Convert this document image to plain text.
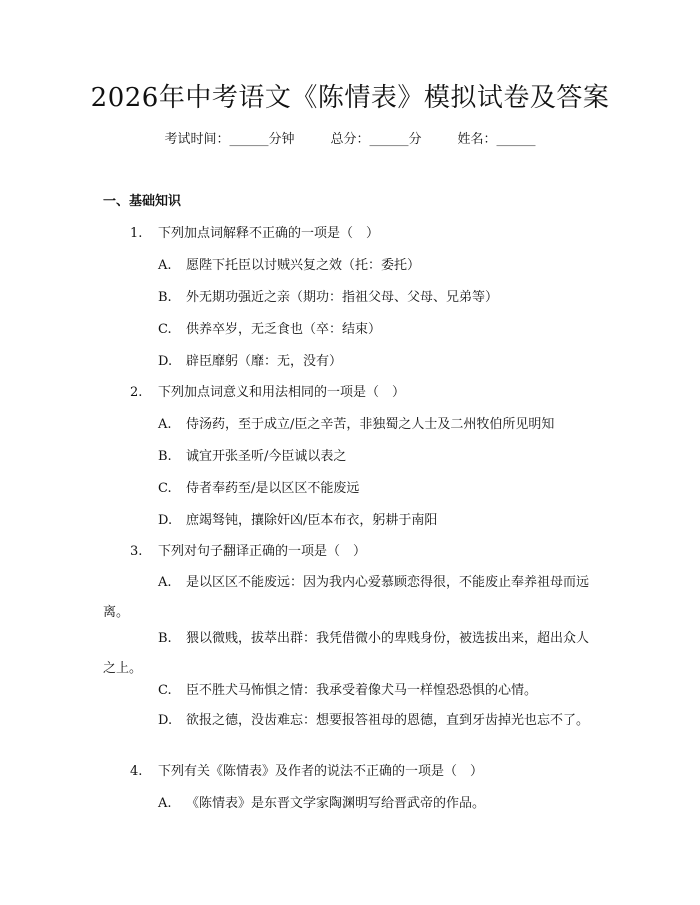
2026年中考语文《陈情表》模拟试卷及答案
考试时间：______分钟	总分：______分	姓名：______
一、基础知识
1. 下列加点词解释不正确的一项是（　）
A. 愿陛下托臣以讨贼兴复之效（托：委托）
B. 外无期功强近之亲（期功：指祖父母、父母、兄弟等）
C. 供养卒岁，无乏食也（卒：结束）
D. 辟臣靡躬（靡：无，没有）
2. 下列加点词意义和用法相同的一项是（　）
A. 侍汤药，至于成立/臣之辛苦，非独蜀之人士及二州牧伯所见明知
B. 诚宜开张圣听/今臣诚以表之
C. 侍者奉药至/是以区区不能废远
D. 庶竭驽钝，攘除奸凶/臣本布衣，躬耕于南阳
3. 下列对句子翻译正确的一项是（　）
A. 是以区区不能废远：因为我内心爱慕顾恋得很，不能废止奉养祖母而远离。
B. 猥以微贱，拔萃出群：我凭借微小的卑贱身份，被选拔出来，超出众人之上。
C. 臣不胜犬马怖惧之情：我承受着像犬马一样惶恐恐惧的心情。
D. 欲报之德，没齿难忘：想要报答祖母的恩德，直到牙齿掉光也忘不了。
4. 下列有关《陈情表》及作者的说法不正确的一项是（　）
A. 《陈情表》是东晋文学家陶渊明写给晋武帝的作品。
